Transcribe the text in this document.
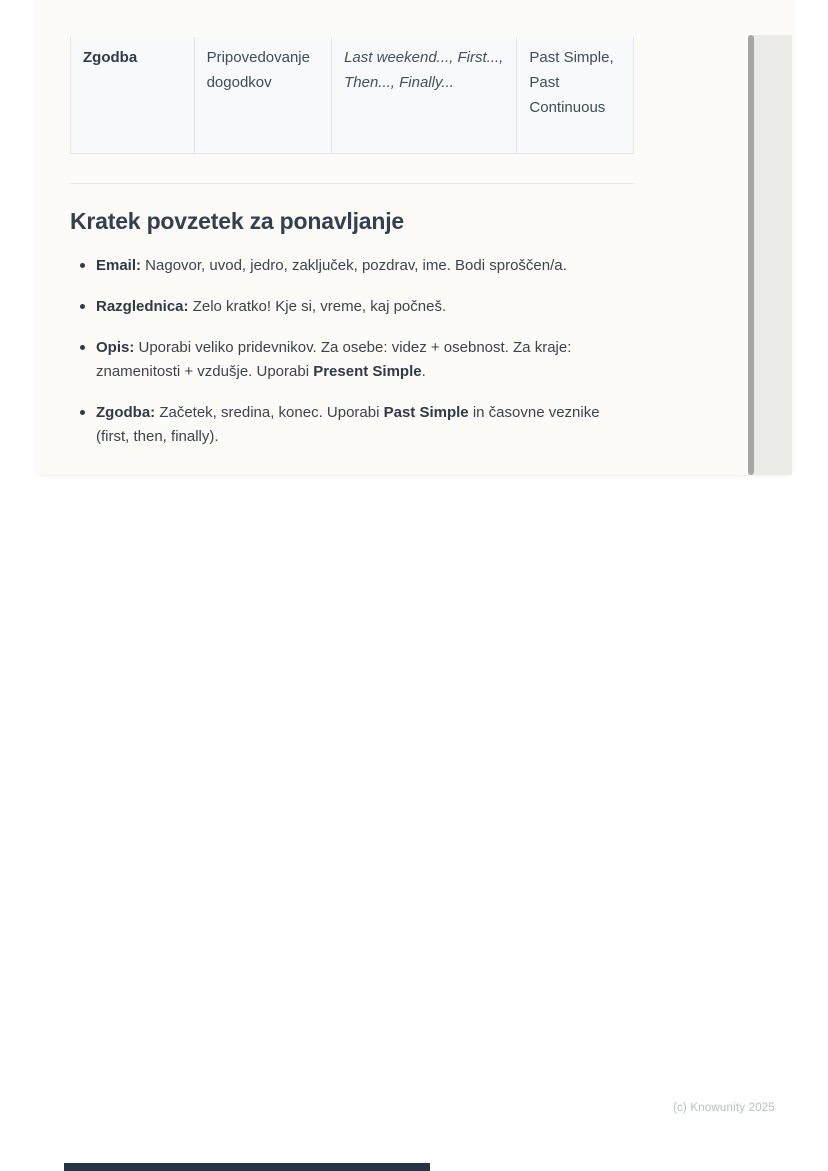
Zgodba	Pripovedovanje dogodkov
Last weekend..., First..., Then..., Finally...
Past Simple, Past Continuous
Kratek povzetek za ponavljanje
Email: Nagovor, uvod, jedro, zaključek, pozdrav, ime. Bodi sproščen/a.
Razglednica: Zelo kratko! Kje si, vreme, kaj počneš.
Opis: Uporabi veliko pridevnikov. Za osebe: videz + osebnost. Za kraje: znamenitosti + vzdušje. Uporabi Present Simple.
Zgodba: Začetek, sredina, konec. Uporabi Past Simple in časovne veznike (first, then, finally).
(c) Knowunity 2025
